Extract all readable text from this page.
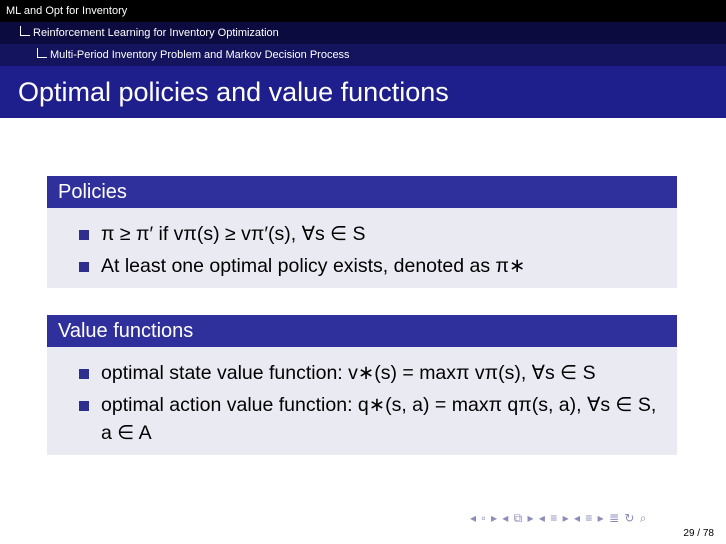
ML and Opt for Inventory
Reinforcement Learning for Inventory Optimization
Multi-Period Inventory Problem and Markov Decision Process
Optimal policies and value functions
Policies
π ≥ π′ if vπ(s) ≥ vπ′(s), ∀s ∈ S
At least one optimal policy exists, denoted as π∗
Value functions
optimal state value function: v∗(s) = maxπ vπ(s), ∀s ∈ S
optimal action value function: q∗(s, a) = maxπ qπ(s, a), ∀s ∈ S, a ∈ A
◂ ▫ ▸ ◂ ⧉ ▸ ◂ ≡ ▸ ◂ ≡ ▸ ≣ ↻ ⌕
29 / 78
